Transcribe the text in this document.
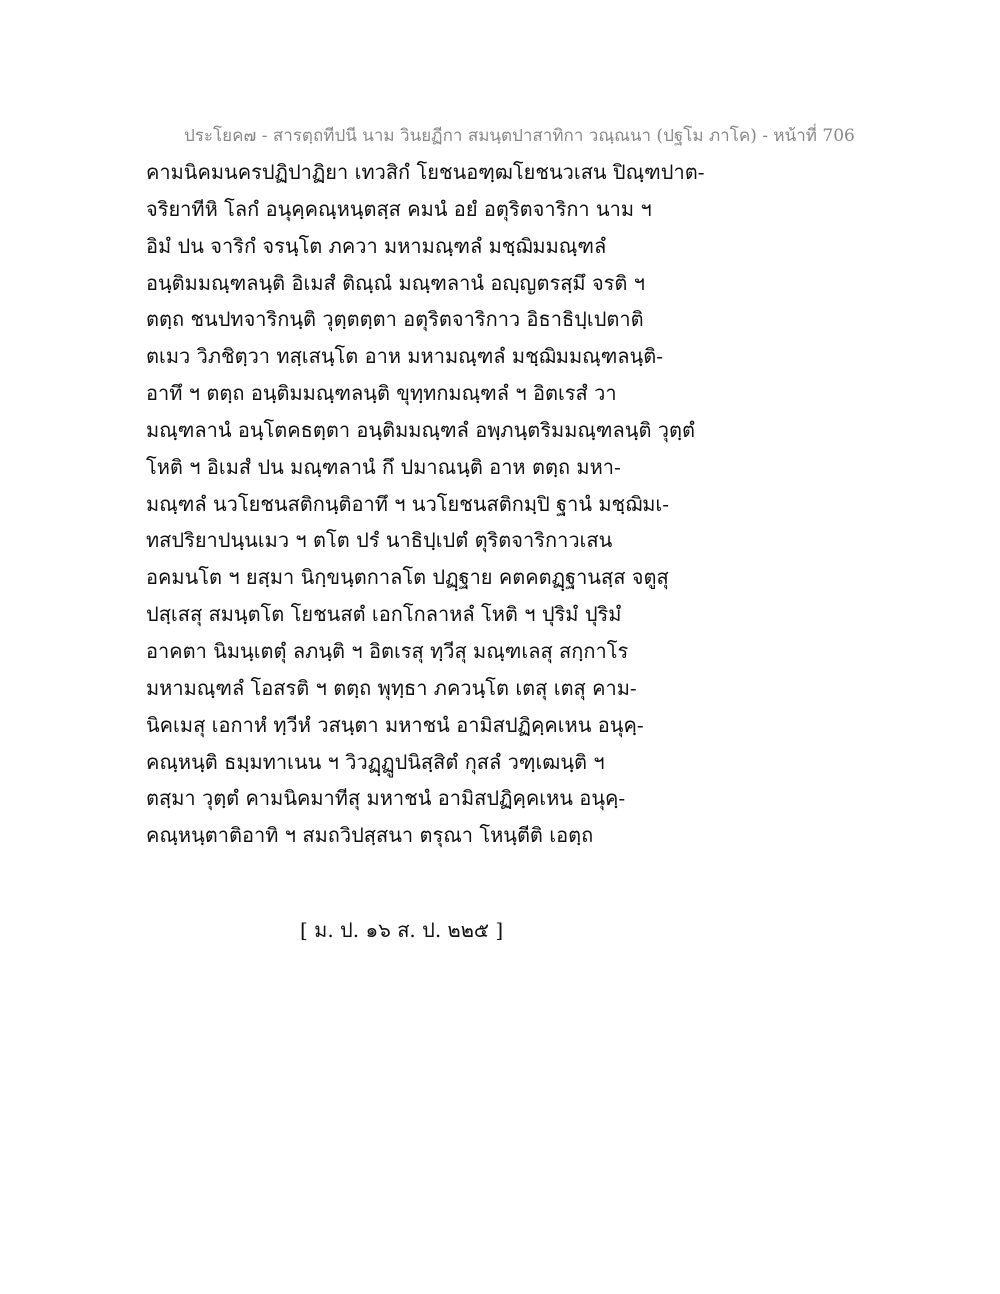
ประโยค๗ - สารตฺถทีปนี นาม วินยฏีกา สมนฺตปาสาทิกา วณฺณนา (ปฐโม ภาโค) - หน้าที่ 706
คามนิคมนครปฏิปาฏิยา เทวสิกํ โยชนอฑฺฒโยชนวเสน ปิณฺฑปาต-
จริยาทีหิ โลกํ อนุคฺคณฺหนฺตสฺส คมนํ อยํ อตุริตจาริกา นาม ฯ
อิมํ ปน จาริกํ จรนฺโต ภควา มหามณฺฑลํ มชฺฌิมมณฺฑลํ
อนฺติมมณฺฑลนฺติ อิเมสํ ติณฺณํ มณฺฑลานํ อญฺญตรสฺมึ จรติ ฯ
ตตฺถ ชนปทจาริกนฺติ วุตฺตตฺตา อตุริตจาริกาว อิธาธิปฺเปตาติ
ตเมว วิภชิตฺวา ทสฺเสนฺโต อาห มหามณฺฑลํ มชฺฌิมมณฺฑลนฺติ-
อาทึ ฯ ตตฺถ อนฺติมมณฺฑลนฺติ ขุทฺทกมณฺฑลํ ฯ อิตเรสํ วา
มณฺฑลานํ อนฺโตคธตฺตา อนฺติมมณฺฑลํ อพฺภนฺตริมมณฺฑลนฺติ วุตฺตํ
โหติ ฯ อิเมสํ ปน มณฺฑลานํ กึ ปมาณนฺติ อาห ตตฺถ มหา-
มณฺฑลํ นวโยชนสติกนฺติอาทึ ฯ นวโยชนสติกมฺปิ ฐานํ มชฺฌิมเ-
ทสปริยาปนฺนเมว ฯ ตโต ปรํ นาธิปฺเปตํ ตุริตจาริกาวเสน
อคมนโต ฯ ยสฺมา นิกฺขนฺตกาลโต ปฏฺฐาย คตคตฏฺฐานสฺส จตูสุ
ปสฺเสสุ สมนฺตโต โยชนสตํ เอกโกลาหลํ โหติ ฯ ปุริมํ ปุริมํ
อาคตา นิมนฺเตตุํ ลภนฺติ ฯ อิตเรสุ ทฺวีสุ มณฺฑเลสุ สกฺกาโร
มหามณฺฑลํ โอสรติ ฯ ตตฺถ พุทฺธา ภควนฺโต เตสุ เตสุ คาม-
นิคเมสุ เอกาหํ ทฺวีหํ วสนฺตา มหาชนํ อามิสปฏิคฺคเหน อนุคฺ-
คณฺหนฺติ ธมฺมทาเนน ฯ วิวฏฺฏูปนิสฺสิตํ กุสลํ วฑฺเฒนฺติ ฯ
ตสฺมา วุตฺตํ คามนิคมาทีสุ มหาชนํ อามิสปฏิคฺคเหน อนุคฺ-
คณฺหนฺตาติอาทิ ฯ สมถวิปสฺสนา ตรุณา โหนฺตีติ เอตฺถ
[ ม. ป. ๑๖ ส. ป. ๒๒๕ ]
